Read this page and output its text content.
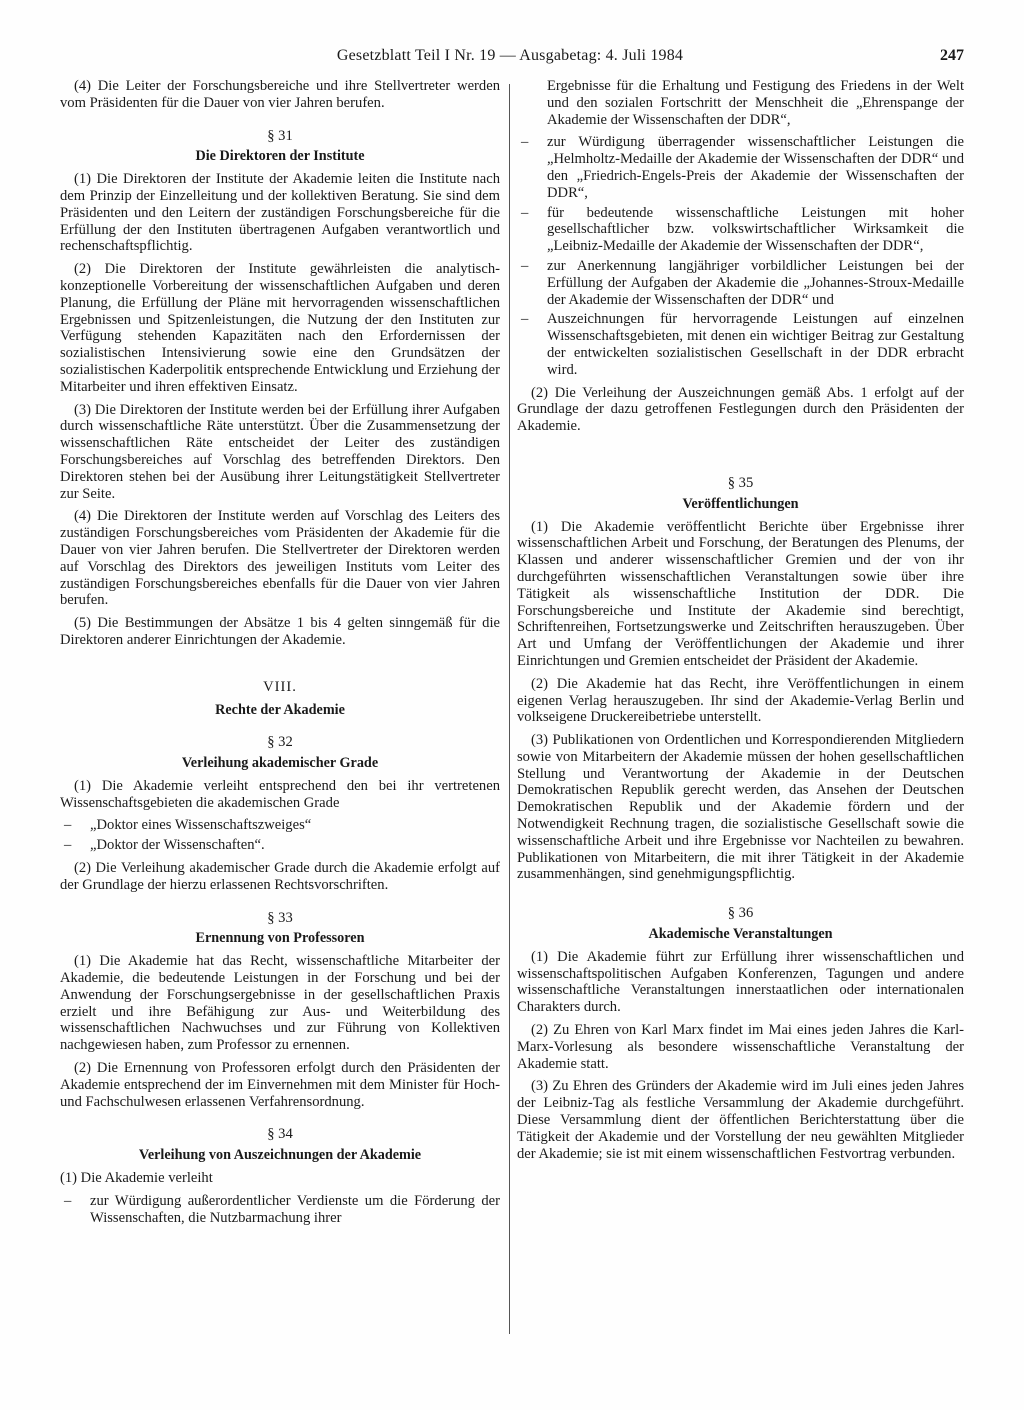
Gesetzblatt Teil I Nr. 19 — Ausgabetag: 4. Juli 1984	247

(4) Die Leiter der Forschungsbereiche und ihre Stellvertreter werden vom Präsidenten für die Dauer von vier Jahren berufen.

§ 31
Die Direktoren der Institute

(1) Die Direktoren der Institute der Akademie leiten die Institute nach dem Prinzip der Einzelleitung und der kollektiven Beratung. Sie sind dem Präsidenten und den Leitern der zuständigen Forschungsbereiche für die Erfüllung der den Instituten übertragenen Aufgaben verantwortlich und rechenschaftspflichtig.

(2) Die Direktoren der Institute gewährleisten die analytisch-konzeptionelle Vorbereitung der wissenschaftlichen Aufgaben und deren Planung, die Erfüllung der Pläne mit hervorragenden wissenschaftlichen Ergebnissen und Spitzenleistungen, die Nutzung der den Instituten zur Verfügung stehenden Kapazitäten nach den Erfordernissen der sozialistischen Intensivierung sowie eine den Grundsätzen der sozialistischen Kaderpolitik entsprechende Entwicklung und Erziehung der Mitarbeiter und ihren effektiven Einsatz.

(3) Die Direktoren der Institute werden bei der Erfüllung ihrer Aufgaben durch wissenschaftliche Räte unterstützt. Über die Zusammensetzung der wissenschaftlichen Räte entscheidet der Leiter des zuständigen Forschungsbereiches auf Vorschlag des betreffenden Direktors. Den Direktoren stehen bei der Ausübung ihrer Leitungstätigkeit Stellvertreter zur Seite.

(4) Die Direktoren der Institute werden auf Vorschlag des Leiters des zuständigen Forschungsbereiches vom Präsidenten der Akademie für die Dauer von vier Jahren berufen. Die Stellvertreter der Direktoren werden auf Vorschlag des Direktors des jeweiligen Instituts vom Leiter des zuständigen Forschungsbereiches ebenfalls für die Dauer von vier Jahren berufen.

(5) Die Bestimmungen der Absätze 1 bis 4 gelten sinngemäß für die Direktoren anderer Einrichtungen der Akademie.

VIII.
Rechte der Akademie
§ 32
Verleihung akademischer Grade

(1) Die Akademie verleiht entsprechend den bei ihr vertretenen Wissenschaftsgebieten die akademischen Grade

– „Doktor eines Wissenschaftszweiges“
– „Doktor der Wissenschaften“.

(2) Die Verleihung akademischer Grade durch die Akademie erfolgt auf der Grundlage der hierzu erlassenen Rechtsvorschriften.

§ 33
Ernennung von Professoren

(1) Die Akademie hat das Recht, wissenschaftliche Mitarbeiter der Akademie, die bedeutende Leistungen in der Forschung und bei der Anwendung der Forschungsergebnisse in der gesellschaftlichen Praxis erzielt und ihre Befähigung zur Aus- und Weiterbildung des wissenschaftlichen Nachwuchses und zur Führung von Kollektiven nachgewiesen haben, zum Professor zu ernennen.

(2) Die Ernennung von Professoren erfolgt durch den Präsidenten der Akademie entsprechend der im Einvernehmen mit dem Minister für Hoch- und Fachschulwesen erlassenen Verfahrensordnung.

§ 34
Verleihung von Auszeichnungen der Akademie

(1) Die Akademie verleiht

– zur Würdigung außerordentlicher Verdienste um die Förderung der Wissenschaften, die Nutzbarmachung ihrer

Ergebnisse für die Erhaltung und Festigung des Friedens in der Welt und den sozialen Fortschritt der Menschheit die „Ehrenspange der Akademie der Wissenschaften der DDR“,

– zur Würdigung überragender wissenschaftlicher Leistungen die „Helmholtz-Medaille der Akademie der Wissenschaften der DDR“ und den „Friedrich-Engels-Preis der Akademie der Wissenschaften der DDR“,
– für bedeutende wissenschaftliche Leistungen mit hoher gesellschaftlicher bzw. volkswirtschaftlicher Wirksamkeit die „Leibniz-Medaille der Akademie der Wissenschaften der DDR“,
– zur Anerkennung langjähriger vorbildlicher Leistungen bei der Erfüllung der Aufgaben der Akademie die „Johannes-Stroux-Medaille der Akademie der Wissenschaften der DDR“ und
– Auszeichnungen für hervorragende Leistungen auf einzelnen Wissenschaftsgebieten, mit denen ein wichtiger Beitrag zur Gestaltung der entwickelten sozialistischen Gesellschaft in der DDR erbracht wird.

(2) Die Verleihung der Auszeichnungen gemäß Abs. 1 erfolgt auf der Grundlage der dazu getroffenen Festlegungen durch den Präsidenten der Akademie.

§ 35
Veröffentlichungen

(1) Die Akademie veröffentlicht Berichte über Ergebnisse ihrer wissenschaftlichen Arbeit und Forschung, der Beratungen des Plenums, der Klassen und anderer wissenschaftlicher Gremien und der von ihr durchgeführten wissenschaftlichen Veranstaltungen sowie über ihre Tätigkeit als wissenschaftliche Institution der DDR. Die Forschungsbereiche und Institute der Akademie sind berechtigt, Schriftenreihen, Fortsetzungswerke und Zeitschriften herauszugeben. Über Art und Umfang der Veröffentlichungen der Akademie und ihrer Einrichtungen und Gremien entscheidet der Präsident der Akademie.

(2) Die Akademie hat das Recht, ihre Veröffentlichungen in einem eigenen Verlag herauszugeben. Ihr sind der Akademie-Verlag Berlin und volkseigene Druckereibetriebe unterstellt.

(3) Publikationen von Ordentlichen und Korrespondierenden Mitgliedern sowie von Mitarbeitern der Akademie müssen der hohen gesellschaftlichen Stellung und Verantwortung der Akademie in der Deutschen Demokratischen Republik gerecht werden, das Ansehen der Deutschen Demokratischen Republik und der Akademie fördern und der Notwendigkeit Rechnung tragen, die sozialistische Gesellschaft sowie die wissenschaftliche Arbeit und ihre Ergebnisse vor Nachteilen zu bewahren. Publikationen von Mitarbeitern, die mit ihrer Tätigkeit in der Akademie zusammenhängen, sind genehmigungspflichtig.

§ 36
Akademische Veranstaltungen

(1) Die Akademie führt zur Erfüllung ihrer wissenschaftlichen und wissenschaftspolitischen Aufgaben Konferenzen, Tagungen und andere wissenschaftliche Veranstaltungen innerstaatlichen oder internationalen Charakters durch.

(2) Zu Ehren von Karl Marx findet im Mai eines jeden Jahres die Karl-Marx-Vorlesung als besondere wissenschaftliche Veranstaltung der Akademie statt.

(3) Zu Ehren des Gründers der Akademie wird im Juli eines jeden Jahres der Leibniz-Tag als festliche Versammlung der Akademie durchgeführt. Diese Versammlung dient der öffentlichen Berichterstattung über die Tätigkeit der Akademie und der Vorstellung der neu gewählten Mitglieder der Akademie; sie ist mit einem wissenschaftlichen Festvortrag verbunden.
